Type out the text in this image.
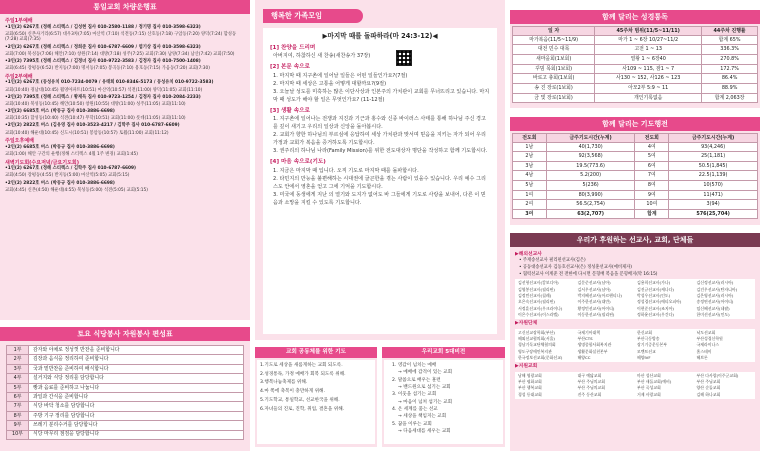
통일교회 차량운행표
주일1부예배
•1인(2) 6267호 (정해 스티렉스 / 김성현 집사 010-2580-1188 / 정기명 집사 010-3598-6323)
교회(6:50) 신촌사거리(6:57) 대우3차(7:05) 마산역 (7:10) 석전동(7:15) 산호동(7:18) 구암동(7:20) 양덕(7:24) 합성동(7:28) 교회(7:35)
•2인(2) 6267호 (정해 스티렉스 / 정희준 집사 010-6787-6609 / 염기상 집사 010-3598-6323)
교회(7:00) 북성동(7:06) 해안(7:10) 창원(7:14) 대방(7:18) 성주(7:25) 교회(7:30) 남양(7:34) 남산(7:42) 교회(7:50)
•3인(2) 7395호 (정해 스티렉스 / 김정녀 집사 010-9722-3583 / 김정자 집사 010-7500-1408)
교회(6:45) 장평동(6:52) 반지동(7:00) 명서동(7:05) 봉곡동(7:10) 용호동(7:15) 가음동(7:20) 교회(7:30)
주일2부예배
•1인(2) 6267호 (동성유치 010-7234-0079 / 유태희 010-8346-5173 / 동성유치 010-9722-3583)
교회(10:40) 경남대(10:45) 월영아파트(10:51) 마산역(10:57) 석전(11:00) 양덕(11:05) 교회(11:10)
•2인(2) 7395호 (정해 스티렉스 / 황재득 집사 010-9723-1254 / 김정자 집사 010-2084-2233)
교회(10:40) 북성동(10:45) 해안(10:50) 창원(10:55) 대방(11:00) 성주(11:05) 교회(11:10)
•2인(2) 6685호 버스 (박동규 집사 010-3886-6698)
교회(10:35) 합성동(10:40) 석전(10:47) 무학(10:51) 교회(11:00) 롯데(11:05) 교회(11:10)
•2인(2) 2822호 버스 (김유영 집사 010-3523-4217 / 김학주 집사 010-6787-6609)
교회(10:40) 해운대(10:45) 신도시(10:51) 봉암동(10:57) 토월(11:00) 교회(11:12)
주일오후예배
•2인(2) 6685호 버스 (박동규 집사 010-3886-6698)
교회(1:00) 해안 구간의 운행(정해 스티렉스 4월 1주 변경) 교회(1:45)
새벽기도회(수요저녁/금요기도회)
•1인(2) 6267호 (정해 스티렉스 / 김학주 집사 010-6787-6609)
교회(4:50) 장평동(4:55) 반지동(5:00) 마산역(5:05) 교회(5:15)
•2인(2) 2822호 버스 (박동규 집사 010-3886-6698)
교회(4:45) 신촌(4:50) 해운대(4:55) 북성동(5:00) 석전(5:05) 교회(5:15)
토요 식당봉사 자원봉사 편성표
1부	감자와 야채로 정성껏 반찬을 준비합니다
2부	김장과 음식을 정리하여 준비합니다
3부	국과 밑반찬을 준비하여 배식합니다
4부	설거지와 식당 정리를 담당합니다
5부	빵과 음료를 준비하고 나눕니다
6부	과일과 간식을 준비합니다
7부	식당 바닥 청소를 담당합니다
8부	주방 기구 정리를 담당합니다
9부	쓰레기 분리수거를 담당합니다
10부	식당 마무리 점검을 담당합니다
행복한 가족모임
▶마지막 때를 돌파하라(마 24:3-12)◀
[1] 찬양을 드리며
아버지여, 하찮하신 새 찬송(새찬송가 37장)
[2] 본문 속으로
1. 마지막 때 지구촌에 일어날 일들은 어떤 일들인가요?(7절)
2. 마지막 때 세상은 고통을 어떻게 대할까요?(9절)
3. 오늘날 성도를 미혹하는 많은 이단사상과 인본주의 가치관이 교회를 무너뜨리고 있습니다. 마지막 때 성도가 해야 할 일은 무엇인가요? (11-12절)
[3] 생활 속으로
1. 지구촌에 일어나는 전쟁과 지진과 기근과 홍수와 신종 바이러스 사태를 통해 하나님 주신 경고를 깊이 새기고 우리의 일상과 신앙을 돌아봅시다.
2. 교회가 향한 하나님의 부르심에 응답하여 세상 가치관과 맞서며 믿음을 지키는 자가 되어 우리 가정과 교회가 복음을 증거하도록 기도합시다.
3. 권주리의 하나님 나라(Family Mission)를 위한 전도대상자 명단을 작성하고 함께 기도합시다.
[4] 마음 속으로(기도)
1. 지금은 마지막 때 입니다. 오직 기도로 마지막 때를 돌파합시다.
2. 타민지의 만능을 불편해하는 시대권에 굴곤한을 겪는 사람이 있을수 있습니다. 우리 예수 그리스도 안에서 영혼을 얻고 그에 기억을 기도합시다.
3. 미국에 동생에게 지난 의 열기와 도지가 없어도 바 그들에게 기도로 사랑을 보내어, 다른 이 믿음과 소망을 지킬 수 있도록 기도합니다.
교회 공동체를 위한 기도
1.기도로 세상을 새롭게하는 교회 되도록.
2.성경통독, 가정 예배가 회복 되도록 위해.
3.행복나눔축제를 위해.
4.마 쪽에 축복이 충만하게 위해.
5.기도학교, 통일학교, 선교한국을 위해.
6.자녀들의 진로, 진학, 취업, 결혼을 위해.
우리교회 5대비전
1. 영감이 넘치는 예배
→ 예배에 감격이 있는 교회
2. 말씀으로 배우는 훈련
→ 밴드원으로 섬기는 교회
3. 이웃을 섬기는 교회
→ 마음이 넘쳐 섬기는 교회
4. 온 세계를 품는 선교
→ 세상을 책임지는 교회
5. 꿈을 이루는 교회
→ 다음세대를 세우는 교회
함께 달리는 성경통독
일 자	45주차 범위(11/5~11/11)	44주차 진행률
마가복음(11/5~11/9)	마가 1 ~ 6장 10/27~11/2	합계 65%
대전 민수 대목	고전 1 ~ 13	336.3%
새마을회(1보회)	열왕 1 ~ 6장40	270.8%
꾸밈 목회(1보회)	사109 ~ 115, 잠1 ~ 7	172.7%
바로고 총회(1보회)	사130 ~ 152, 사126 ~ 123	86.4%
송 진 장로(1보회)	아모2부 5:9 ~ 11	88.9%
금 빛 장로(1보회)	개인기록없음	합계 2,063장
함께 달리는 기도행전
전도회	금주기도시간(누계)	전도회	금주기도시간(누계)
1남	40(1,730)	4여	93(4,246)
2남	92(3,568)	5여	25(1,181)
3남	19.5(773.6)	6여	50.5(1,845)
4남	5.2(200)	7여	22.5(1,139)
5남	5(236)	8여	10(570)
1여	80(3,990)	9여	11(471)
2여	56.5(2,754)	10여	3(94)
3여	63(2,707)	합계	576(25,704)
우리가 후원하는 선교사, 교회, 단체들
▶해외선교사
• 주재송선교사 필리핀선교사(김은)
• 공동대송선교사 김동호선교사(은) 정성훈선교사(예비제자)
• 협력선교사 이계준 전 전한에 다시면 문형배 복음을 문형배지(막 16:15)
김선형선교사(캄보디아)	김문준선교사(남아)	김용희선교사(가나)	김신정선교사(러시아)
김영봉선교사(필리핀)	김서우선교사(남아)	김진규선교사(캐나다)	김건우선교사(탄자니아)
김정민선교사(칠레)	박지혜선교사(아르헨티나)	박성우선교사(인도)	김은영선교사(러시아)
오은숙선교사(필리핀)	이주한선교사(대만)	정성경선교사(에티오피아)	송정연선교사(아이티)
서정훈선교사(우크라이나)	황정민선교사(아이티)	이현준선교사(조지아)	임신혜선교사(네팔)
이은수선교사(이스라엘)	이동한선교사(필리핀)	정하윤선교사(우간다)	한미선선교사(인도)
▶자원단체
고신선교장학회(부산)	국제기아대책	한신교회	낙도선교회
해외선교협의회(서울)	부산CTS	부산극동방송	부산성경신학원
경남기독교단체협의회	생명종합사회복지관	장기기증운동본부	국제라이나스
영도구장애인복지관	생활문화실천본부	모멘트선교	홈스테이
한국정보선교회(문화선교)	해양CC	해양IVF	헤브론
▶지원교회
남해 영광교회	대구 예닮교회	마산 성산교회	부산 다사랑(이주군교회)
부산 평화교회	부산 주님의교회	부산 새돌교회(예비)	부산 주님교회
부산 행복교회	부산 주님의교회	부산 곡성교회	양산 순돌교회
경성 등대교회	진주 동산교회	거제 사랑교회	김해 하나교회
